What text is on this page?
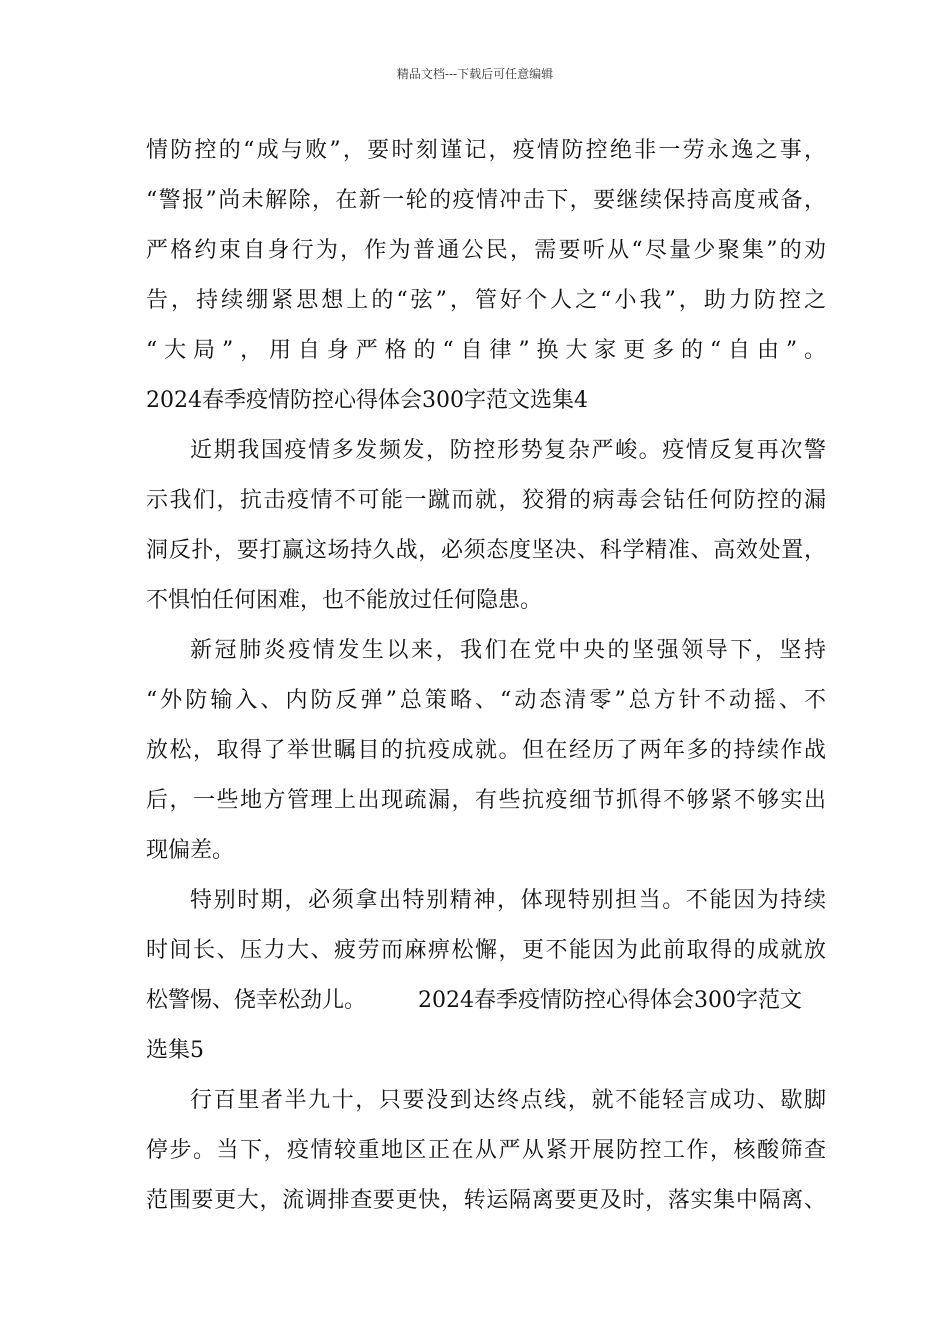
精品文档---下载后可任意编辑
情防控的“成与败”，要时刻谨记，疫情防控绝非一劳永逸之事，
“警报”尚未解除，在新一轮的疫情冲击下，要继续保持高度戒备，
严格约束自身行为，作为普通公民，需要听从“尽量少聚集”的劝
告，持续绷紧思想上的“弦”，管好个人之“小我”，助力防控之
“大局”，用自身严格的“自律”换大家更多的“自由”。
2024春季疫情防控心得体会300字范文选集4
近期我国疫情多发频发，防控形势复杂严峻。疫情反复再次警
示我们，抗击疫情不可能一蹴而就，狡猾的病毒会钻任何防控的漏
洞反扑，要打赢这场持久战，必须态度坚决、科学精准、高效处置，
不惧怕任何困难，也不能放过任何隐患。
新冠肺炎疫情发生以来，我们在党中央的坚强领导下，坚持
“外防输入、内防反弹”总策略、“动态清零”总方针不动摇、不
放松，取得了举世瞩目的抗疫成就。但在经历了两年多的持续作战
后，一些地方管理上出现疏漏，有些抗疫细节抓得不够紧不够实出
现偏差。
特别时期，必须拿出特别精神，体现特别担当。不能因为持续
时间长、压力大、疲劳而麻痹松懈，更不能因为此前取得的成就放
松警惕、侥幸松劲儿。	2024春季疫情防控心得体会300字范文
选集5
行百里者半九十，只要没到达终点线，就不能轻言成功、歇脚
停步。当下，疫情较重地区正在从严从紧开展防控工作，核酸筛查
范围要更大，流调排查要更快，转运隔离要更及时，落实集中隔离、
